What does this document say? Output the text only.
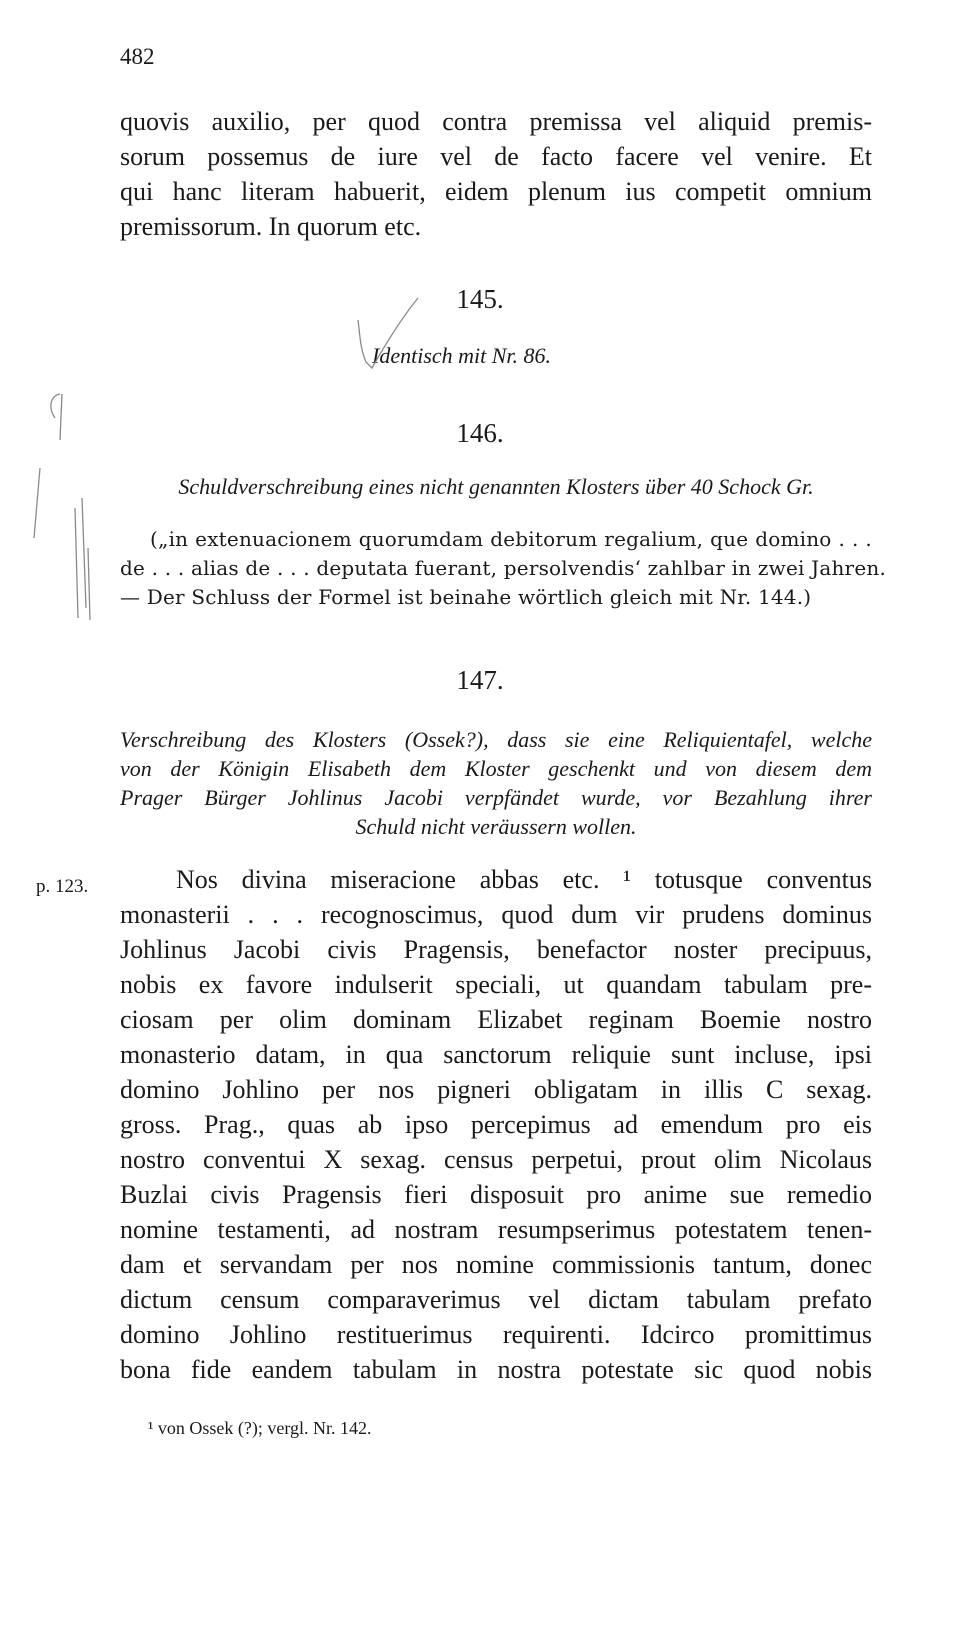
482
quovis auxilio, per quod contra premissa vel aliquid premis-
sorum possemus de iure vel de facto facere vel venire. Et
qui hanc literam habuerit, eidem plenum ius competit omnium
premissorum. In quorum etc.
145.
Identisch mit Nr. 86.
146.
Schuldverschreibung eines nicht genannten Klosters über 40 Schock Gr.
(„in extenuacionem quorumdam debitorum regalium, que domino . . .
de . . . alias de . . . deputata fuerant, persolvendis‘ zahlbar in zwei Jahren.
— Der Schluss der Formel ist beinahe wörtlich gleich mit Nr. 144.)
147.
Verschreibung des Klosters (Ossek?), dass sie eine Reliquientafel, welche
von der Königin Elisabeth dem Kloster geschenkt und von diesem dem
Prager Bürger Johlinus Jacobi verpfändet wurde, vor Bezahlung ihrer
Schuld nicht veräussern wollen.
p. 123.	Nos divina miseracione abbas etc. ¹ totusque conventus
monasterii . . . recognoscimus, quod dum vir prudens dominus
Johlinus Jacobi civis Pragensis, benefactor noster precipuus,
nobis ex favore indulserit speciali, ut quandam tabulam pre-
ciosam per olim dominam Elizabet reginam Boemie nostro
monasterio datam, in qua sanctorum reliquie sunt incluse, ipsi
domino Johlino per nos pigneri obligatam in illis C sexag.
gross. Prag., quas ab ipso percepimus ad emendum pro eis
nostro conventui X sexag. census perpetui, prout olim Nicolaus
Buzlai civis Pragensis fieri disposuit pro anime sue remedio
nomine testamenti, ad nostram resumpserimus potestatem tenen-
dam et servandam per nos nomine commissionis tantum, donec
dictum censum comparaverimus vel dictam tabulam prefato
domino Johlino restituerimus requirenti. Idcirco promittimus
bona fide eandem tabulam in nostra potestate sic quod nobis
¹ von Ossek (?); vergl. Nr. 142.
